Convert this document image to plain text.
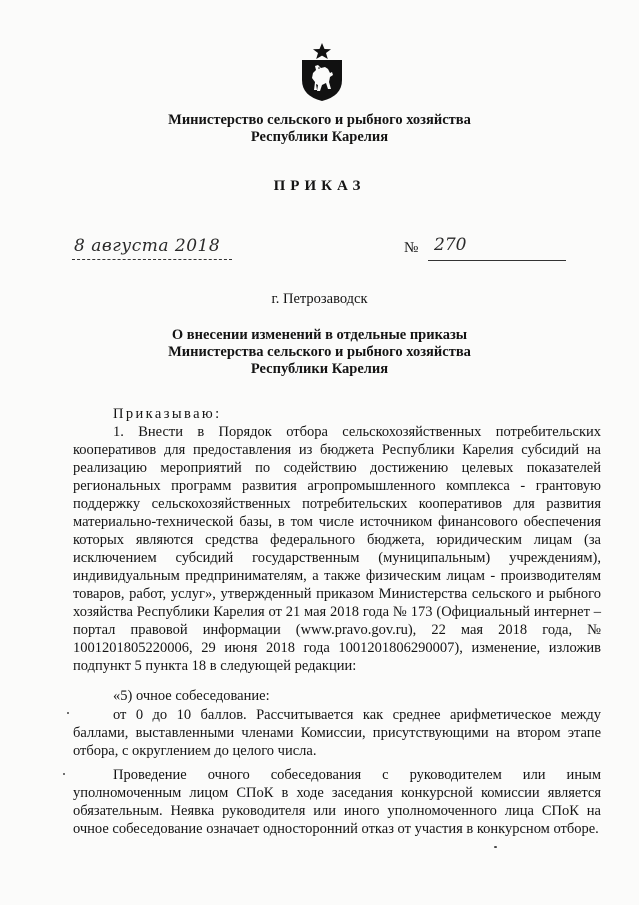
Министерство сельского и рыбного хозяйства
Республики Карелия
ПРИКАЗ
8 августа 2018	№ 270
г. Петрозаводск
О внесении изменений в отдельные приказы
Министерства сельского и рыбного хозяйства
Республики Карелия

Приказываю:

1. Внести в Порядок отбора сельскохозяйственных потребительских кооперативов для предоставления из бюджета Республики Карелия субсидий на реализацию мероприятий по содействию достижению целевых показателей региональных программ развития агропромышленного комплекса - грантовую поддержку сельскохозяйственных потребительских кооперативов для развития материально-технической базы, в том числе источником финансового обеспечения которых являются средства федерального бюджета, юридическим лицам (за исключением субсидий государственным (муниципальным) учреждениям), индивидуальным предпринимателям, а также физическим лицам - производителям товаров, работ, услуг», утвержденный приказом Министерства сельского и рыбного хозяйства Республики Карелия от 21 мая 2018 года № 173 (Официальный интернет – портал правовой информации (www.pravo.gov.ru), 22 мая 2018 года, № 1001201805220006, 29 июня 2018 года 1001201806290007), изменение, изложив подпункт 5 пункта 18 в следующей редакции:

«5) очное собеседование:

от 0 до 10 баллов. Рассчитывается как среднее арифметическое между баллами, выставленными членами Комиссии, присутствующими на втором этапе отбора, с округлением до целого числа.

Проведение очного собеседования с руководителем или иным уполномоченным лицом СПоК в ходе заседания конкурсной комиссии является обязательным. Неявка руководителя или иного уполномоченного лица СПоК на очное собеседование означает односторонний отказ от участия в конкурсном отборе.
